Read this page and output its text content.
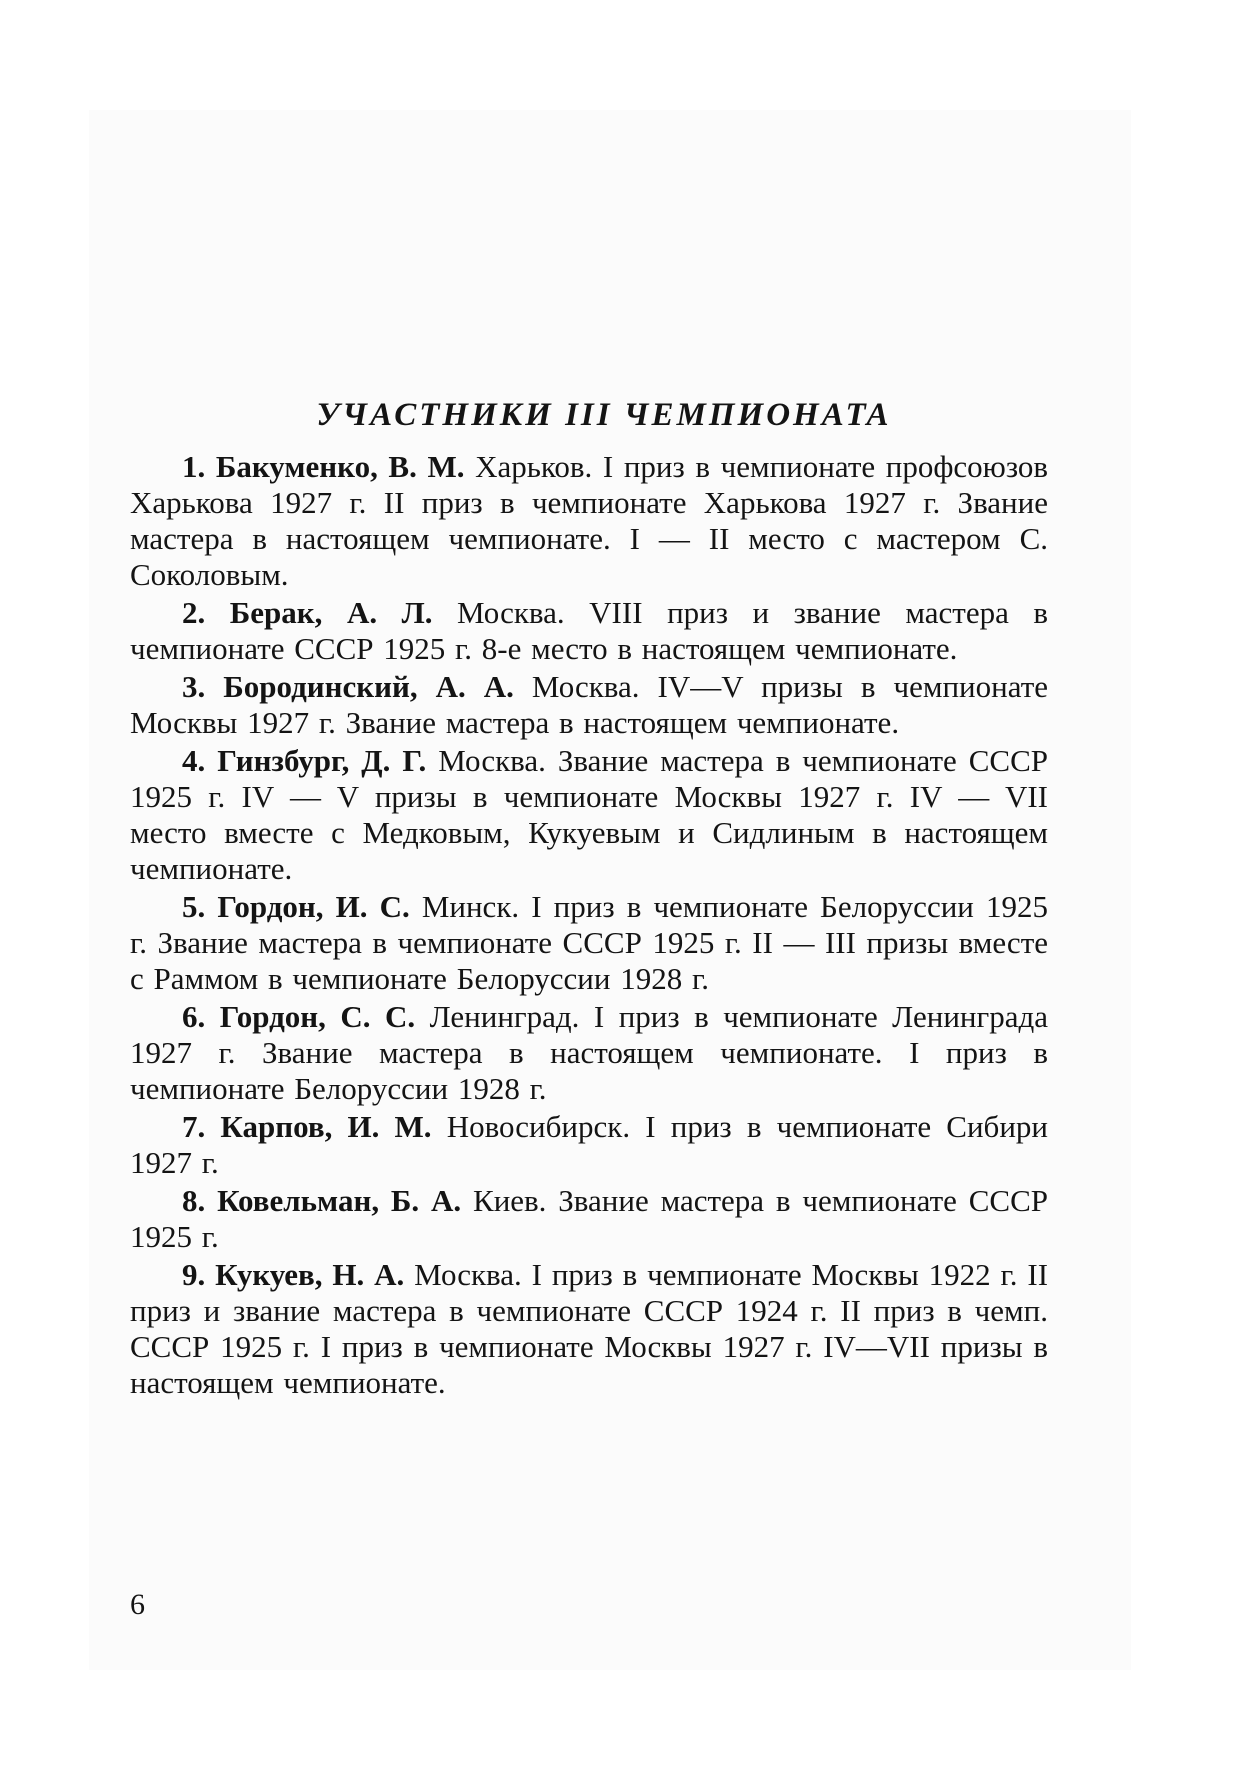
УЧАСТНИКИ III ЧЕМПИОНАТА

1. Бакуменко, В. М. Харьков. I приз в чемпионате профсоюзов Харькова 1927 г. II приз в чемпионате Харькова 1927 г. Звание мастера в настоящем чемпионате. I — II место с мастером С. Соколовым.

2. Берак, А. Л. Москва. VIII приз и звание мастера в чемпионате СССР 1925 г. 8-е место в настоящем чемпионате.

3. Бородинский, А. А. Москва. IV—V призы в чемпионате Москвы 1927 г. Звание мастера в настоящем чемпионате.

4. Гинзбург, Д. Г. Москва. Звание мастера в чемпионате СССР 1925 г. IV — V призы в чемпионате Москвы 1927 г. IV — VII место вместе с Медковым, Кукуевым и Сидлиным в настоящем чемпионате.

5. Гордон, И. С. Минск. I приз в чемпионате Белоруссии 1925 г. Звание мастера в чемпионате СССР 1925 г. II — III призы вместе с Раммом в чемпионате Белоруссии 1928 г.

6. Гордон, С. С. Ленинград. I приз в чемпионате Ленинграда 1927 г. Звание мастера в настоящем чемпионате. I приз в чемпионате Белоруссии 1928 г.

7. Карпов, И. М. Новосибирск. I приз в чемпионате Сибири 1927 г.

8. Ковельман, Б. А. Киев. Звание мастера в чемпионате СССР 1925 г.

9. Кукуев, Н. А. Москва. I приз в чемпионате Москвы 1922 г. II приз и звание мастера в чемпионате СССР 1924 г. II приз в чемп. СССР 1925 г. I приз в чемпионате Москвы 1927 г. IV—VII призы в настоящем чемпионате.

6
